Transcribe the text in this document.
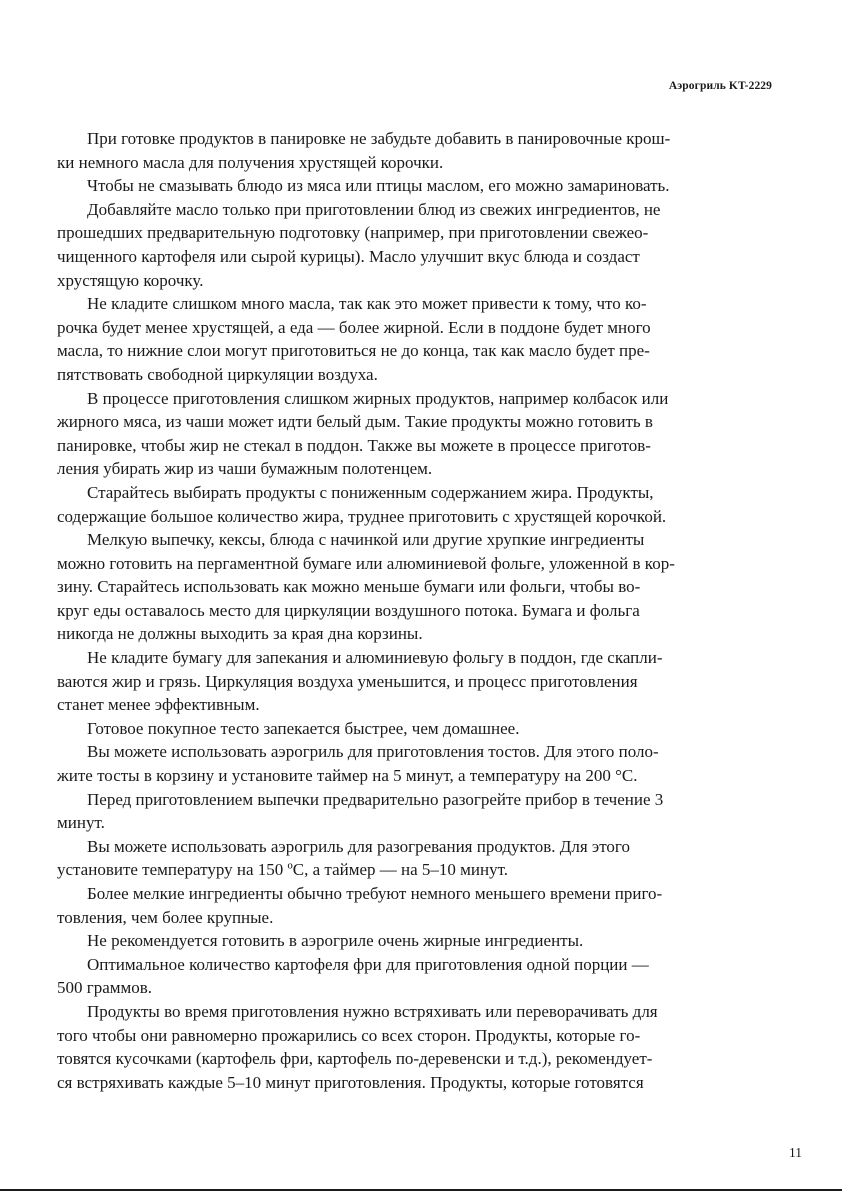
Аэрогриль KT-2229
При готовке продуктов в панировке не забудьте добавить в панировочные крош-
ки немного масла для получения хрустящей корочки.
Чтобы не смазывать блюдо из мяса или птицы маслом, его можно замариновать.
Добавляйте масло только при приготовлении блюд из свежих ингредиентов, не
прошедших предварительную подготовку (например, при приготовлении свежео-
чищенного картофеля или сырой курицы). Масло улучшит вкус блюда и создаст
хрустящую корочку.
Не кладите слишком много масла, так как это может привести к тому, что ко-
рочка будет менее хрустящей, а еда — более жирной. Если в поддоне будет много
масла, то нижние слои могут приготовиться не до конца, так как масло будет пре-
пятствовать свободной циркуляции воздуха.
В процессе приготовления слишком жирных продуктов, например колбасок или
жирного мяса, из чаши может идти белый дым. Такие продукты можно готовить в
панировке, чтобы жир не стекал в поддон. Также вы можете в процессе приготов-
ления убирать жир из чаши бумажным полотенцем.
Старайтесь выбирать продукты с пониженным содержанием жира. Продукты,
содержащие большое количество жира, труднее приготовить с хрустящей корочкой.
Мелкую выпечку, кексы, блюда с начинкой или другие хрупкие ингредиенты
можно готовить на пергаментной бумаге или алюминиевой фольге, уложенной в кор-
зину. Старайтесь использовать как можно меньше бумаги или фольги, чтобы во-
круг еды оставалось место для циркуляции воздушного потока. Бумага и фольга
никогда не должны выходить за края дна корзины.
Не кладите бумагу для запекания и алюминиевую фольгу в поддон, где скапли-
ваются жир и грязь. Циркуляция воздуха уменьшится, и процесс приготовления
станет менее эффективным.
Готовое покупное тесто запекается быстрее, чем домашнее.
Вы можете использовать аэрогриль для приготовления тостов. Для этого поло-
жите тосты в корзину и установите таймер на 5 минут, а температуру на 200 °C.
Перед приготовлением выпечки предварительно разогрейте прибор в течение 3
минут.
Вы можете использовать аэрогриль для разогревания продуктов. Для этого
установите температуру на 150 ºC, а таймер — на 5–10 минут.
Более мелкие ингредиенты обычно требуют немного меньшего времени приго-
товления, чем более крупные.
Не рекомендуется готовить в аэрогриле очень жирные ингредиенты.
Оптимальное количество картофеля фри для приготовления одной порции —
500 граммов.
Продукты во время приготовления нужно встряхивать или переворачивать для
того чтобы они равномерно прожарились со всех сторон. Продукты, которые го-
товятся кусочками (картофель фри, картофель по-деревенски и т.д.), рекомендует-
ся встряхивать каждые 5–10 минут приготовления. Продукты, которые готовятся
11
